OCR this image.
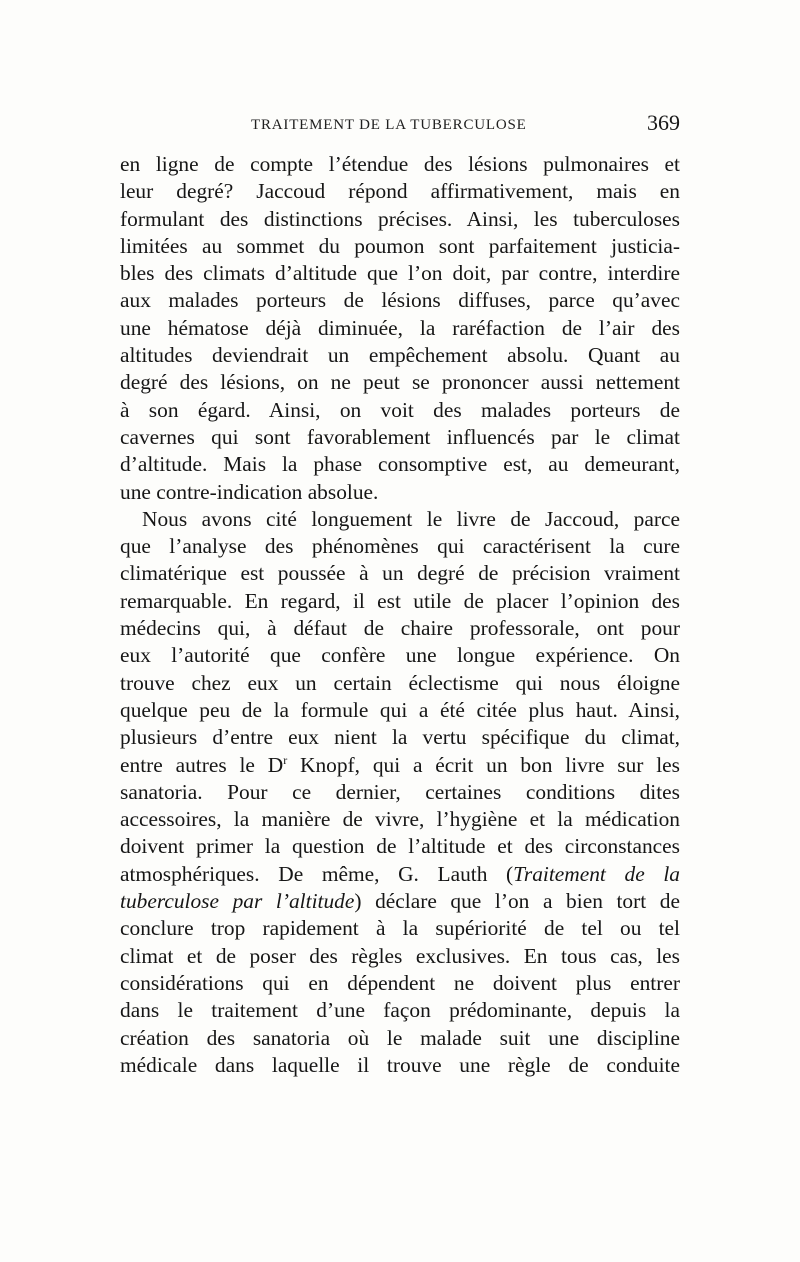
TRAITEMENT DE LA TUBERCULOSE	369
en ligne de compte l’étendue des lésions pulmonaires et
leur degré? Jaccoud répond affirmativement, mais en
formulant des distinctions précises. Ainsi, les tuberculoses
limitées au sommet du poumon sont parfaitement justicia-
bles des climats d’altitude que l’on doit, par contre, interdire
aux malades porteurs de lésions diffuses, parce qu’avec
une hématose déjà diminuée, la raréfaction de l’air des
altitudes deviendrait un empêchement absolu. Quant au
degré des lésions, on ne peut se prononcer aussi nettement
à son égard. Ainsi, on voit des malades porteurs de
cavernes qui sont favorablement influencés par le climat
d’altitude. Mais la phase consomptive est, au demeurant,
une contre-indication absolue.
Nous avons cité longuement le livre de Jaccoud, parce
que l’analyse des phénomènes qui caractérisent la cure
climatérique est poussée à un degré de précision vraiment
remarquable. En regard, il est utile de placer l’opinion des
médecins qui, à défaut de chaire professorale, ont pour
eux l’autorité que confère une longue expérience. On
trouve chez eux un certain éclectisme qui nous éloigne
quelque peu de la formule qui a été citée plus haut. Ainsi,
plusieurs d’entre eux nient la vertu spécifique du climat,
entre autres le $D^r$ Knopf, qui a écrit un bon livre sur les
sanatoria. Pour ce dernier, certaines conditions dites
accessoires, la manière de vivre, l’hygiène et la médication
doivent primer la question de l’altitude et des circonstances
atmosphériques. De même, G. Lauth (Traitement de la
tuberculose par l’altitude) déclare que l’on a bien tort de
conclure trop rapidement à la supériorité de tel ou tel
climat et de poser des règles exclusives. En tous cas, les
considérations qui en dépendent ne doivent plus entrer
dans le traitement d’une façon prédominante, depuis la
création des sanatoria où le malade suit une discipline
médicale dans laquelle il trouve une règle de conduite
